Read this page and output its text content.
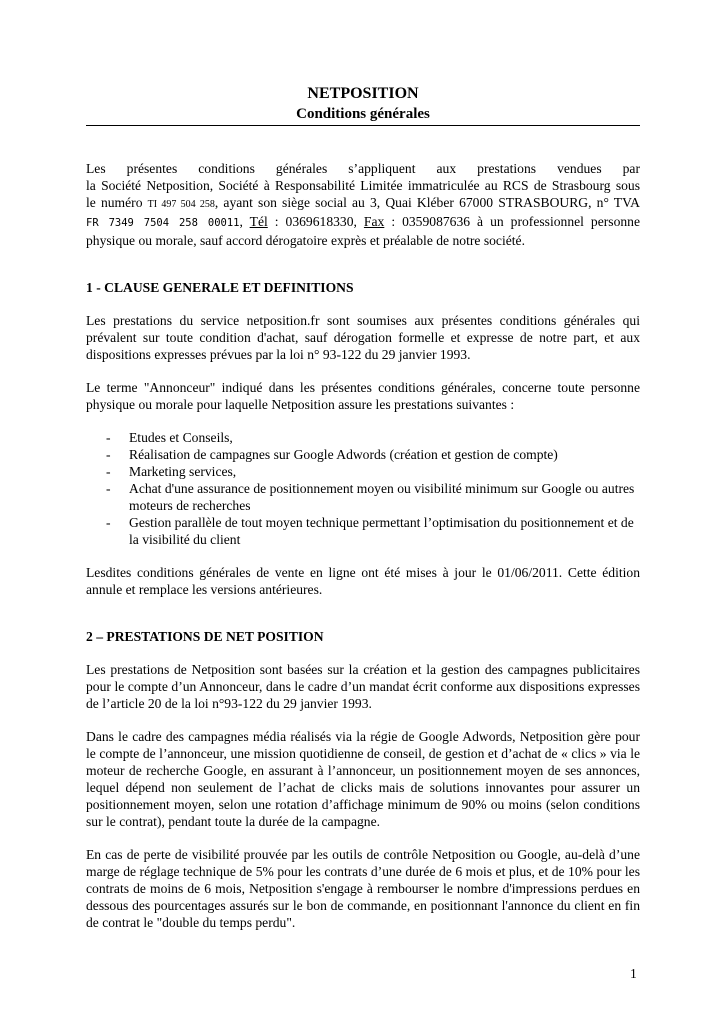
NETPOSITION
Conditions générales

Les présentes conditions générales s’appliquent aux prestations vendues par
la Société Netposition, Société à Responsabilité Limitée immatriculée au RCS de Strasbourg sous
le numéro TI 497 504 258, ayant son siège social au 3, Quai Kléber 67000 STRASBOURG, n° TVA
FR 7349 7504 258 00011, Tél : 0369618330, Fax : 0359087636 à un professionnel personne
physique ou morale, sauf accord dérogatoire exprès et préalable de notre société.

1 - CLAUSE GENERALE ET DEFINITIONS

Les prestations du service netposition.fr sont soumises aux présentes conditions générales qui prévalent sur toute condition d'achat, sauf dérogation formelle et expresse de notre part, et aux dispositions expresses prévues par la loi n° 93-122 du 29 janvier 1993.

Le terme "Annonceur" indiqué dans les présentes conditions générales, concerne toute personne physique ou morale pour laquelle Netposition assure les prestations suivantes :

- Etudes et Conseils,
- Réalisation de campagnes sur Google Adwords (création et gestion de compte)
- Marketing services,
- Achat d'une assurance de positionnement moyen ou visibilité minimum sur Google ou autres moteurs de recherches
- Gestion parallèle de tout moyen technique permettant l’optimisation du positionnement et de la visibilité du client

Lesdites conditions générales de vente en ligne ont été mises à jour le 01/06/2011. Cette édition annule et remplace les versions antérieures.

2 – PRESTATIONS DE NET POSITION

Les prestations de Netposition sont basées sur la création et la gestion des campagnes publicitaires pour le compte d’un Annonceur, dans le cadre d’un mandat écrit conforme aux dispositions expresses de l’article 20 de la loi n°93-122 du 29 janvier 1993.

Dans le cadre des campagnes média réalisés via la régie de Google Adwords, Netposition gère pour le compte de l’annonceur, une mission quotidienne de conseil, de gestion et d’achat de « clics » via le moteur de recherche Google, en assurant à l’annonceur, un positionnement moyen de ses annonces, lequel dépend non seulement de l’achat de clicks mais de solutions innovantes pour assurer un positionnement moyen, selon une rotation d’affichage minimum de 90% ou moins (selon conditions sur le contrat), pendant toute la durée de la campagne.

En cas de perte de visibilité prouvée par les outils de contrôle Netposition ou Google, au-delà d’une marge de réglage technique de 5% pour les contrats d’une durée de 6 mois et plus, et de 10% pour les contrats de moins de 6 mois, Netposition s'engage à rembourser le nombre d'impressions perdues en dessous des pourcentages assurés sur le bon de commande, en positionnant l'annonce du client en fin de contrat le "double du temps perdu".

1
